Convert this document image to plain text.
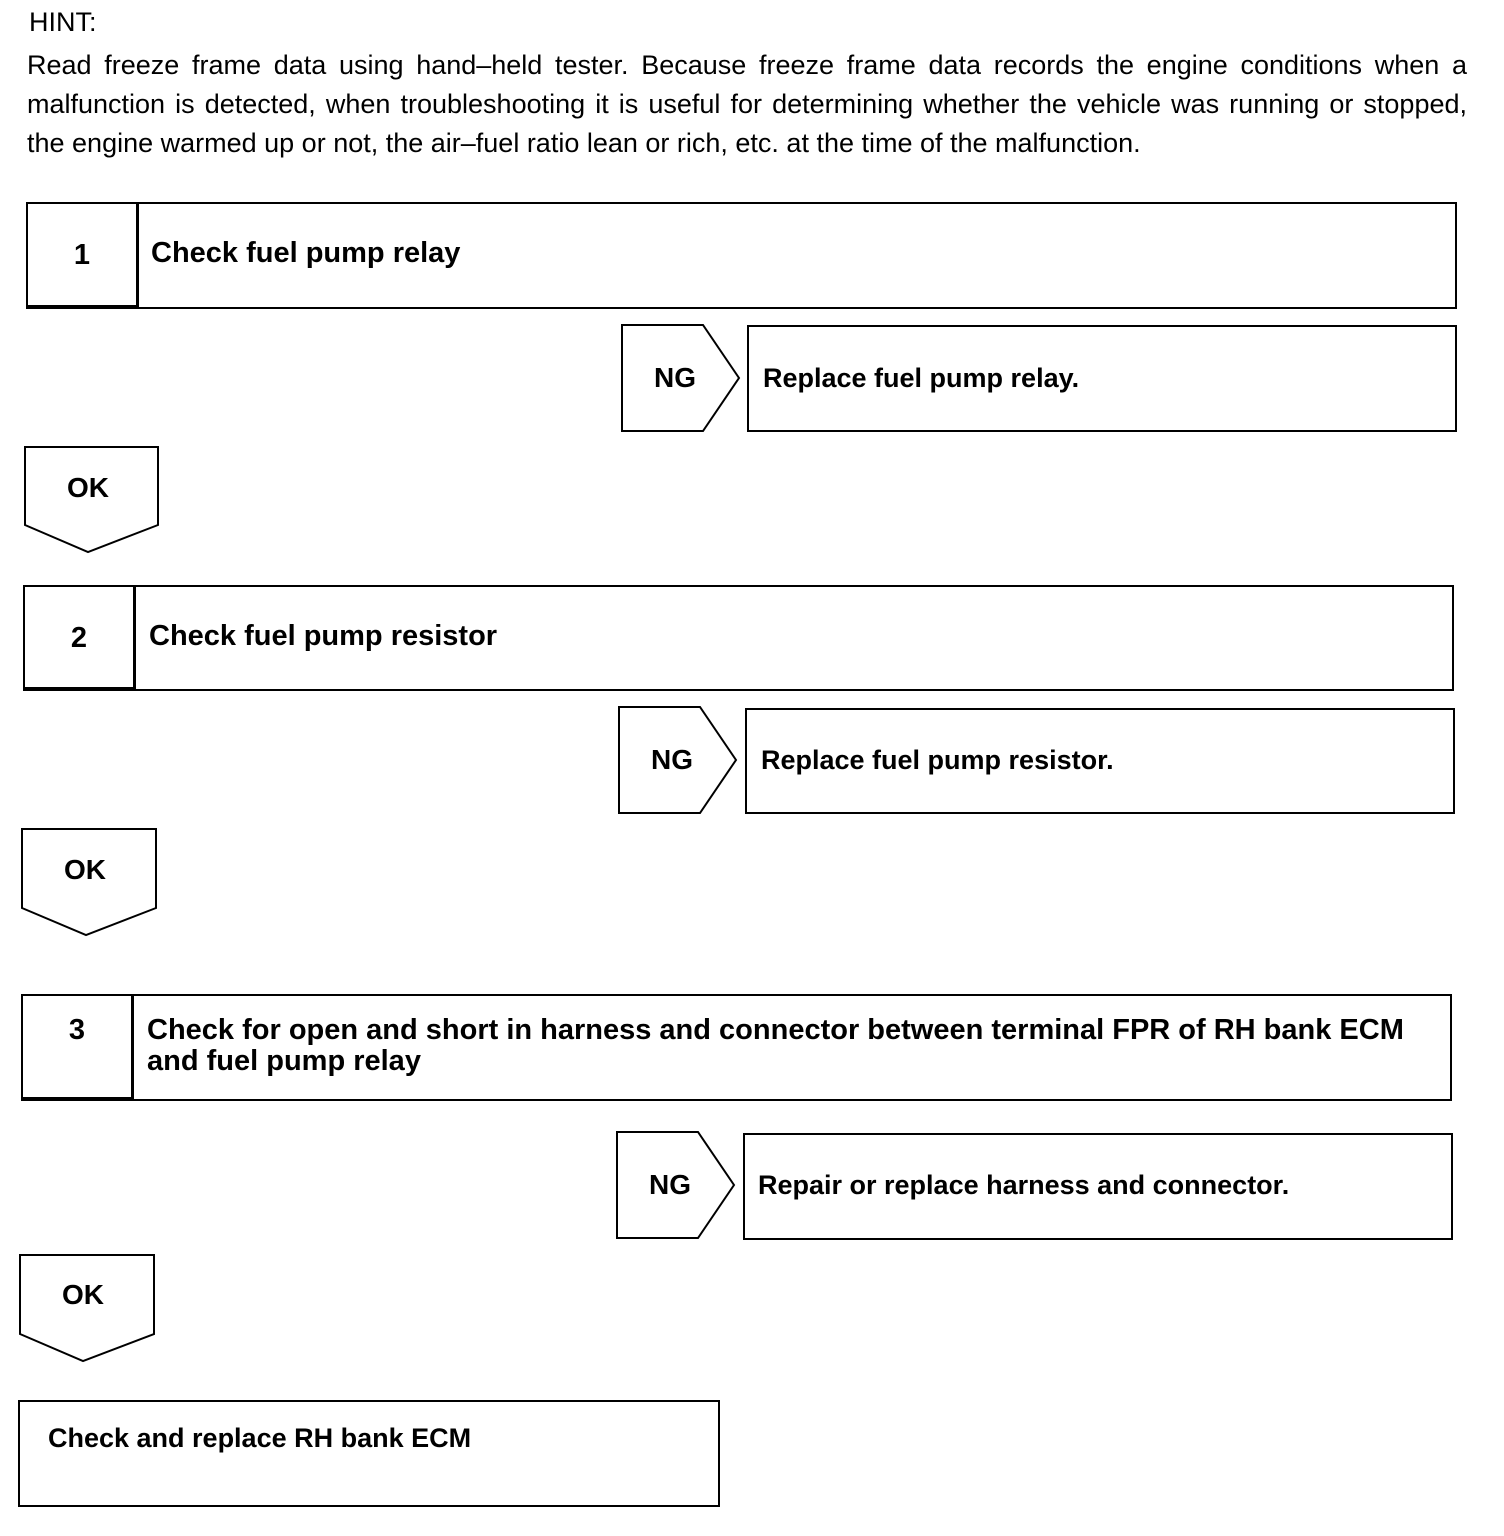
HINT:
Read freeze frame data using hand–held tester. Because freeze frame data records the engine conditions when a malfunction is detected, when troubleshooting it is useful for determining whether the vehicle was running or stopped, the engine warmed up or not, the air–fuel ratio lean or rich, etc. at the time of the malfunction.
1	Check fuel pump relay
NG	Replace fuel pump relay.
OK
2	Check fuel pump resistor
NG	Replace fuel pump resistor.
OK
3	Check for open and short in harness and connector between terminal FPR of RH bank ECM and fuel pump relay
NG	Repair or replace harness and connector.
OK
Check and replace RH bank ECM
